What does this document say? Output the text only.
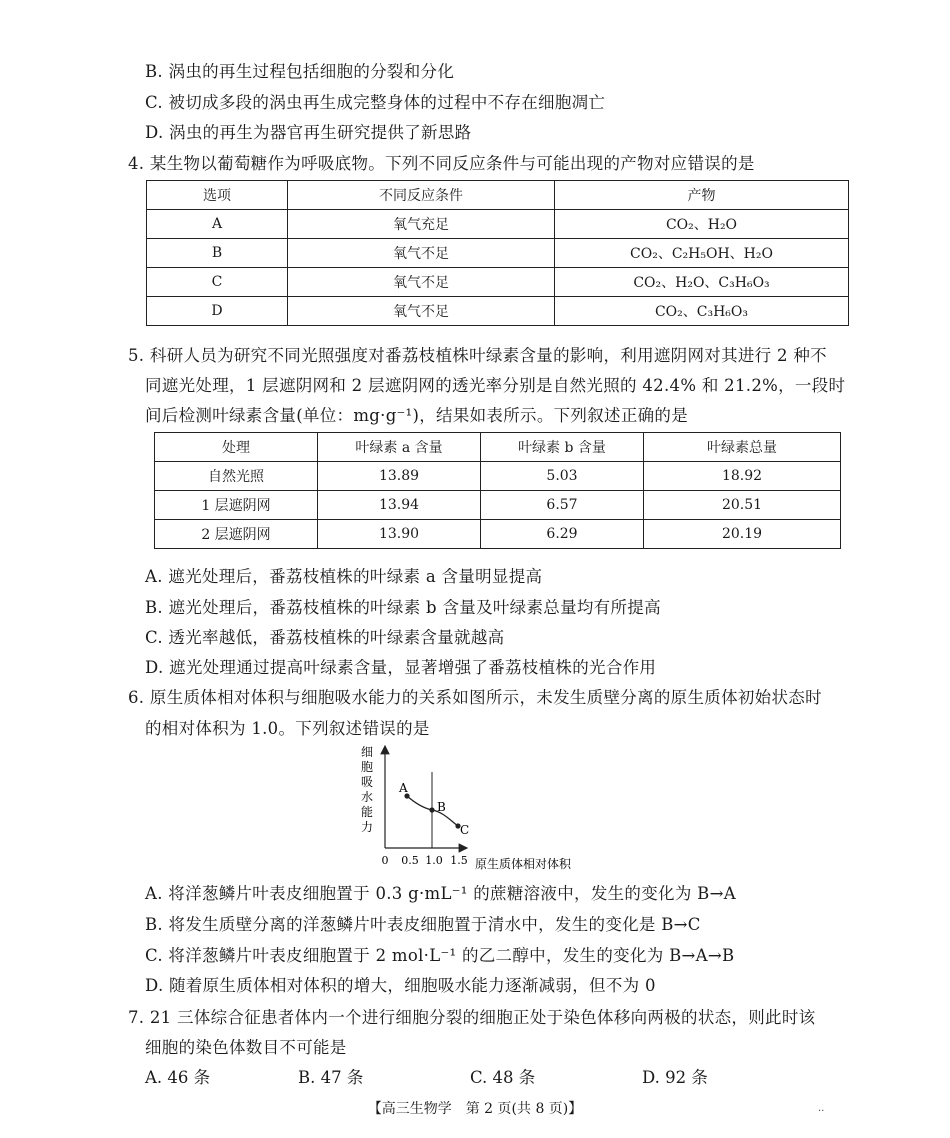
B. 涡虫的再生过程包括细胞的分裂和分化
C. 被切成多段的涡虫再生成完整身体的过程中不存在细胞凋亡
D. 涡虫的再生为器官再生研究提供了新思路
4. 某生物以葡萄糖作为呼吸底物。下列不同反应条件与可能出现的产物对应错误的是
选项	不同反应条件	产物
A	氧气充足	CO₂、H₂O
B	氧气不足	CO₂、C₂H₅OH、H₂O
C	氧气不足	CO₂、H₂O、C₃H₆O₃
D	氧气不足	CO₂、C₃H₆O₃
5. 科研人员为研究不同光照强度对番荔枝植株叶绿素含量的影响，利用遮阴网对其进行 2 种不
同遮光处理，1 层遮阴网和 2 层遮阴网的透光率分别是自然光照的 42.4% 和 21.2%，一段时
间后检测叶绿素含量(单位：mg·g⁻¹)，结果如表所示。下列叙述正确的是
处理	叶绿素 a 含量	叶绿素 b 含量	叶绿素总量
自然光照	13.89	5.03	18.92
1 层遮阴网	13.94	6.57	20.51
2 层遮阴网	13.90	6.29	20.19
A. 遮光处理后，番荔枝植株的叶绿素 a 含量明显提高
B. 遮光处理后，番荔枝植株的叶绿素 b 含量及叶绿素总量均有所提高
C. 透光率越低，番荔枝植株的叶绿素含量就越高
D. 遮光处理通过提高叶绿素含量，显著增强了番荔枝植株的光合作用
6. 原生质体相对体积与细胞吸水能力的关系如图所示，未发生质壁分离的原生质体初始状态时
的相对体积为 1.0。下列叙述错误的是
细
胞
吸
水
能
力
A
B
C
0 0.5 1.0 1.5 原生质体相对体积
A. 将洋葱鳞片叶表皮细胞置于 0.3 g·mL⁻¹ 的蔗糖溶液中，发生的变化为 B→A
B. 将发生质壁分离的洋葱鳞片叶表皮细胞置于清水中，发生的变化是 B→C
C. 将洋葱鳞片叶表皮细胞置于 2 mol·L⁻¹ 的乙二醇中，发生的变化为 B→A→B
D. 随着原生质体相对体积的增大，细胞吸水能力逐渐减弱，但不为 0
7. 21 三体综合征患者体内一个进行细胞分裂的细胞正处于染色体移向两极的状态，则此时该
细胞的染色体数目不可能是
A. 46 条	B. 47 条	C. 48 条	D. 92 条
【高三生物学　第 2 页(共 8 页)】	..
